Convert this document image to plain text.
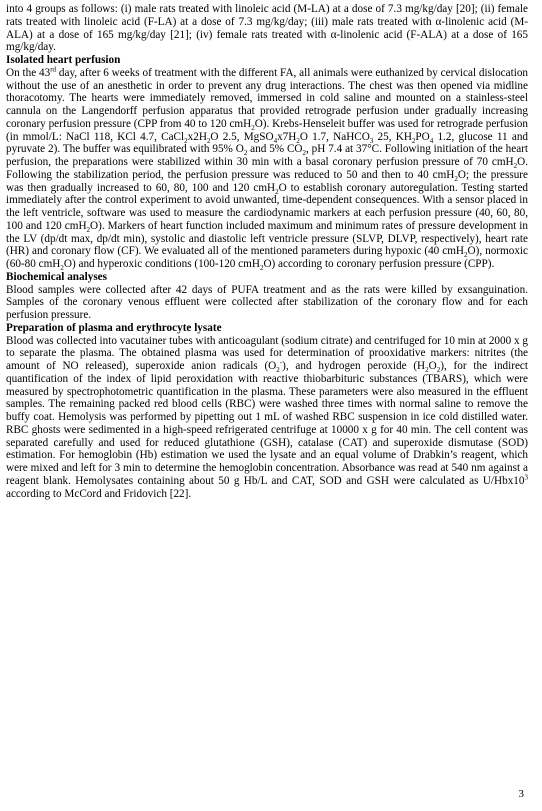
into 4 groups as follows: (i) male rats treated with linoleic acid (M-LA) at a dose of 7.3 mg/kg/day [20]; (ii) female rats treated with linoleic acid (F-LA) at a dose of 7.3 mg/kg/day; (iii) male rats treated with α-linolenic acid (M-ALA) at a dose of 165 mg/kg/day [21]; (iv) female rats treated with α-linolenic acid (F-ALA) at a dose of 165 mg/kg/day.

Isolated heart perfusion

On the 43rd day, after 6 weeks of treatment with the different FA, all animals were euthanized by cervical dislocation without the use of an anesthetic in order to prevent any drug interactions. The chest was then opened via midline thoracotomy. The hearts were immediately removed, immersed in cold saline and mounted on a stainless-steel cannula on the Langendorff perfusion apparatus that provided retrograde perfusion under gradually increasing coronary perfusion pressure (CPP from 40 to 120 cmH$_2$O). Krebs-Henseleit buffer was used for retrograde perfusion (in mmol/L: NaCl 118, KCl 4.7, $CaCl_2x2H_2O$ 2.5, $MgSO_4x7H_2O$ 1.7, NaHCO$_3$ 25, $KH_2PO_4$ 1.2, glucose 11 and pyruvate 2). The buffer was equilibrated with 95% $O_2$ and 5% $CO_2$, pH 7.4 at 37°C. Following initiation of the heart perfusion, the preparations were stabilized within 30 min with a basal coronary perfusion pressure of 70 cmH$_2$O. Following the stabilization period, the perfusion pressure was reduced to 50 and then to 40 cmH$_2$O; the pressure was then gradually increased to 60, 80, 100 and 120 cmH$_2$O to establish coronary autoregulation. Testing started immediately after the control experiment to avoid unwanted, time-dependent consequences. With a sensor placed in the left ventricle, software was used to measure the cardiodynamic markers at each perfusion pressure (40, 60, 80, 100 and 120 cmH$_2$O). Markers of heart function included maximum and minimum rates of pressure development in the LV (dp/dt max, dp/dt min), systolic and diastolic left ventricle pressure (SLVP, DLVP, respectively), heart rate (HR) and coronary flow (CF). We evaluated all of the mentioned parameters during hypoxic (40 cmH$_2$O), normoxic (60-80 cmH$_2$O) and hyperoxic conditions (100-120 cmH$_2$O) according to coronary perfusion pressure (CPP).

Biochemical analyses

Blood samples were collected after 42 days of PUFA treatment and as the rats were killed by exsanguination. Samples of the coronary venous effluent were collected after stabilization of the coronary flow and for each perfusion pressure.

Preparation of plasma and erythrocyte lysate

Blood was collected into vacutainer tubes with anticoagulant (sodium citrate) and centrifuged for 10 min at 2000 x g to separate the plasma. The obtained plasma was used for determination of prooxidative markers: nitrites (the amount of NO released), superoxide anion radicals $(O_2^-)$, and hydrogen peroxide $(H_2O_2)$, for the indirect quantification of the index of lipid peroxidation with reactive thiobarbituric substances (TBARS), which were measured by spectrophotometric quantification in the plasma. These parameters were also measured in the effluent samples. The remaining packed red blood cells (RBC) were washed three times with normal saline to remove the buffy coat. Hemolysis was performed by pipetting out 1 mL of washed RBC suspension in ice cold distilled water. RBC ghosts were sedimented in a high-speed refrigerated centrifuge at 10000 x g for 40 min. The cell content was separated carefully and used for reduced glutathione (GSH), catalase (CAT) and superoxide dismutase (SOD) estimation. For hemoglobin (Hb) estimation we used the lysate and an equal volume of Drabkin’s reagent, which were mixed and left for 3 min to determine the hemoglobin concentration. Absorbance was read at 540 nm against a reagent blank. Hemolysates containing about 50 g Hb/L and CAT, SOD and GSH were calculated as $U/Hbx10^3$ according to McCord and Fridovich [22].

3
